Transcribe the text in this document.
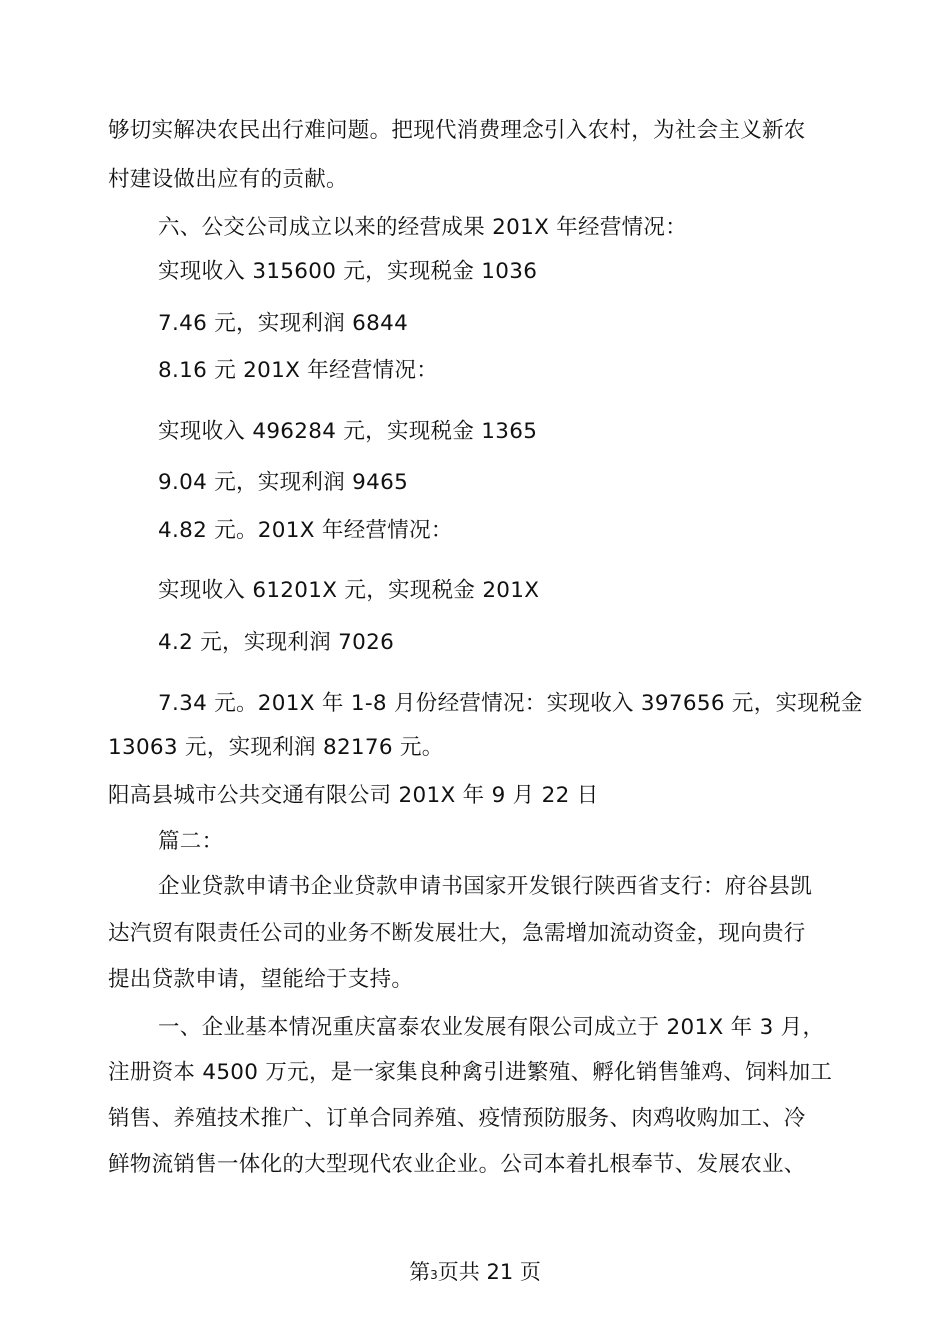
够切实解决农民出行难问题。把现代消费理念引入农村，为社会主义新农
村建设做出应有的贡献。
六、公交公司成立以来的经营成果 201X 年经营情况：
实现收入 315600 元，实现税金 1036
7.46 元，实现利润 6844
8.16 元 201X 年经营情况：
实现收入 496284 元，实现税金 1365
9.04 元，实现利润 9465
4.82 元。201X 年经营情况：
实现收入 61201X 元，实现税金 201X
4.2 元，实现利润 7026
7.34 元。201X 年 1-8 月份经营情况：实现收入 397656 元，实现税金
13063 元，实现利润 82176 元。
阳高县城市公共交通有限公司 201X 年 9 月 22 日
篇二：
企业贷款申请书企业贷款申请书国家开发银行陕西省支行：府谷县凯
达汽贸有限责任公司的业务不断发展壮大，急需增加流动资金，现向贵行
提出贷款申请，望能给于支持。
一、企业基本情况重庆富泰农业发展有限公司成立于 201X 年 3 月，
注册资本 4500 万元，是一家集良种禽引进繁殖、孵化销售雏鸡、饲料加工
销售、养殖技术推广、订单合同养殖、疫情预防服务、肉鸡收购加工、冷
鲜物流销售一体化的大型现代农业企业。公司本着扎根奉节、发展农业、
第3页共 21 页
